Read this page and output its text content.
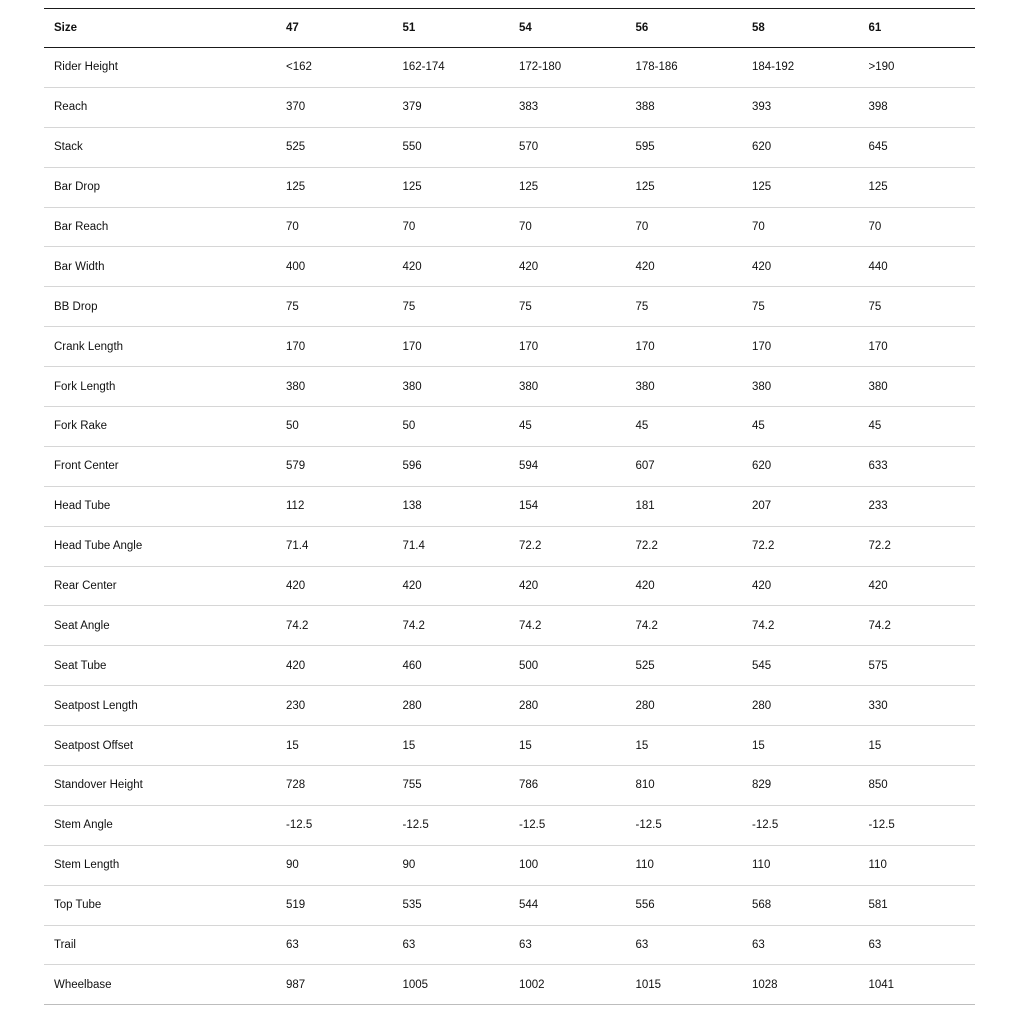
Size	47	51	54	56	58	61
Rider Height	<162	162-174	172-180	178-186	184-192	>190
Reach	370	379	383	388	393	398
Stack	525	550	570	595	620	645
Bar Drop	125	125	125	125	125	125
Bar Reach	70	70	70	70	70	70
Bar Width	400	420	420	420	420	440
BB Drop	75	75	75	75	75	75
Crank Length	170	170	170	170	170	170
Fork Length	380	380	380	380	380	380
Fork Rake	50	50	45	45	45	45
Front Center	579	596	594	607	620	633
Head Tube	112	138	154	181	207	233
Head Tube Angle	71.4	71.4	72.2	72.2	72.2	72.2
Rear Center	420	420	420	420	420	420
Seat Angle	74.2	74.2	74.2	74.2	74.2	74.2
Seat Tube	420	460	500	525	545	575
Seatpost Length	230	280	280	280	280	330
Seatpost Offset	15	15	15	15	15	15
Standover Height	728	755	786	810	829	850
Stem Angle	-12.5	-12.5	-12.5	-12.5	-12.5	-12.5
Stem Length	90	90	100	110	110	110
Top Tube	519	535	544	556	568	581
Trail	63	63	63	63	63	63
Wheelbase	987	1005	1002	1015	1028	1041
